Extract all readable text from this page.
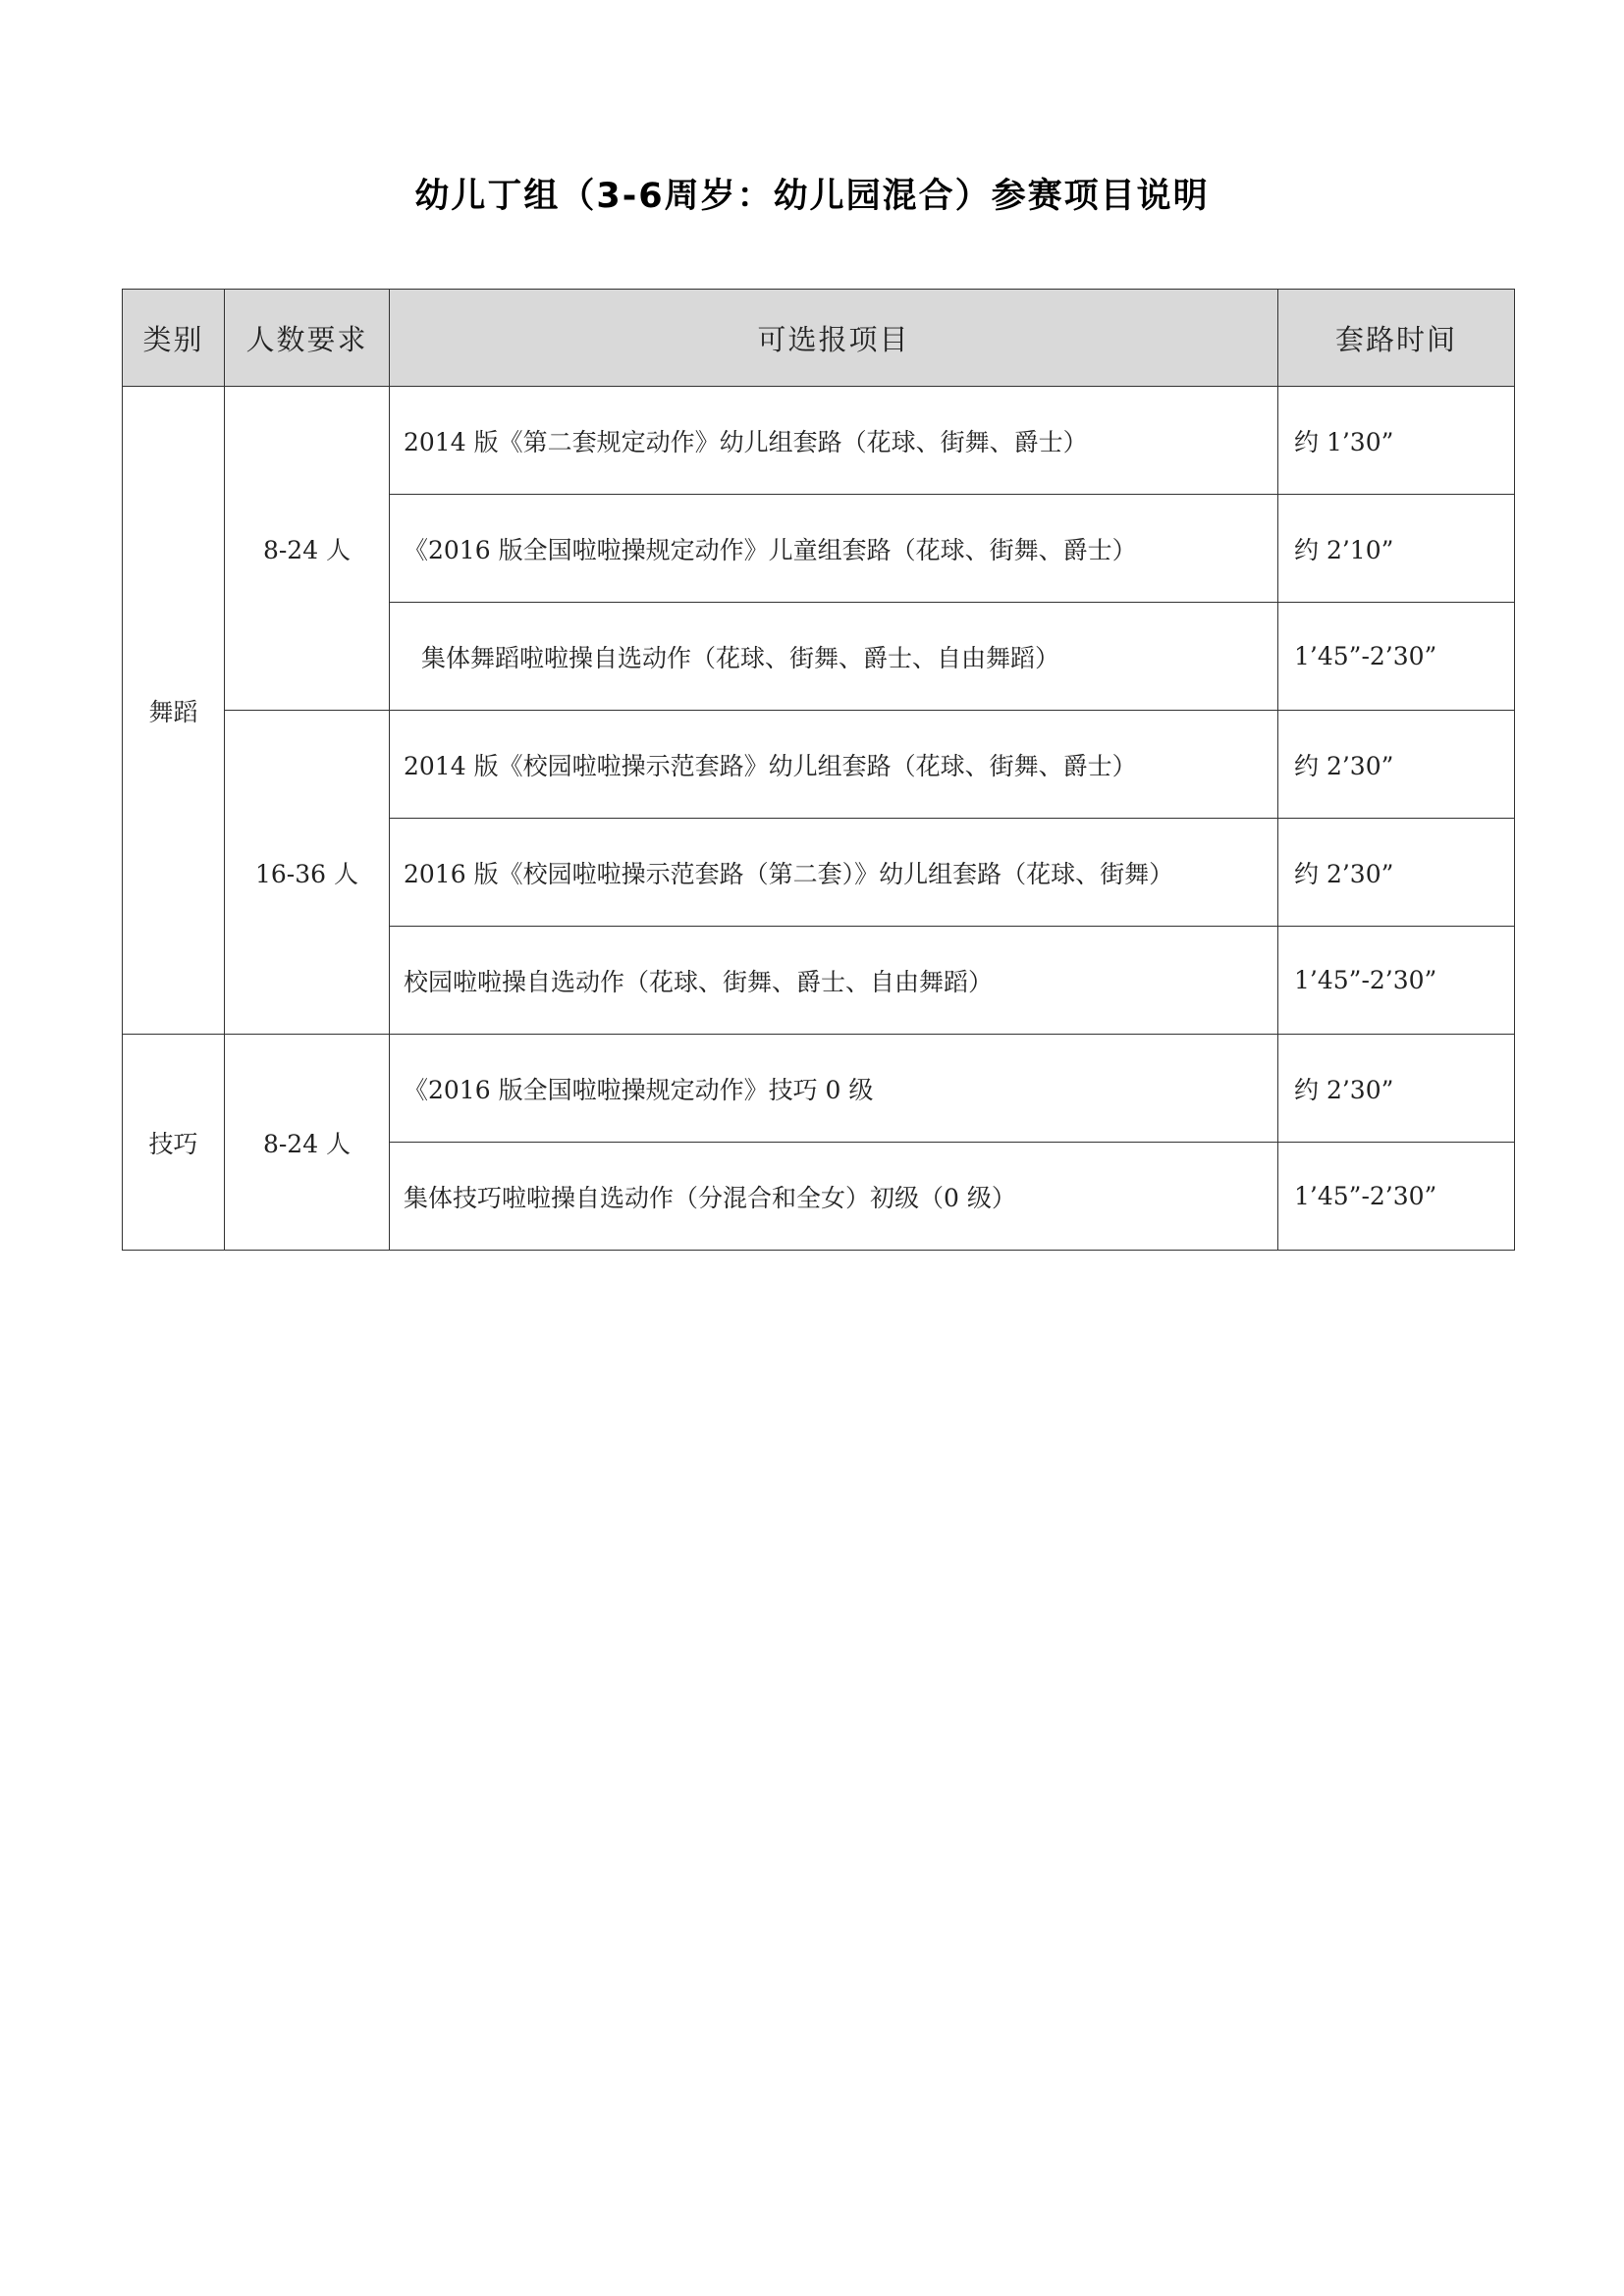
幼儿丁组（3-6周岁：幼儿园混合）参赛项目说明
类别	人数要求	可选报项目	套路时间
舞蹈	8-24 人	2014 版《第二套规定动作》幼儿组套路（花球、街舞、爵士）	约 1’30”
		《2016 版全国啦啦操规定动作》儿童组套路（花球、街舞、爵士）	约 2’10”
		集体舞蹈啦啦操自选动作（花球、街舞、爵士、自由舞蹈）	1’45”-2’30”
	16-36 人	2014 版《校园啦啦操示范套路》幼儿组套路（花球、街舞、爵士）	约 2’30”
		2016 版《校园啦啦操示范套路（第二套）》幼儿组套路（花球、街舞）	约 2’30”
		校园啦啦操自选动作（花球、街舞、爵士、自由舞蹈）	1’45”-2’30”
技巧	8-24 人	《2016 版全国啦啦操规定动作》技巧 0 级	约 2’30”
		集体技巧啦啦操自选动作（分混合和全女）初级（0 级）	1’45”-2’30”
